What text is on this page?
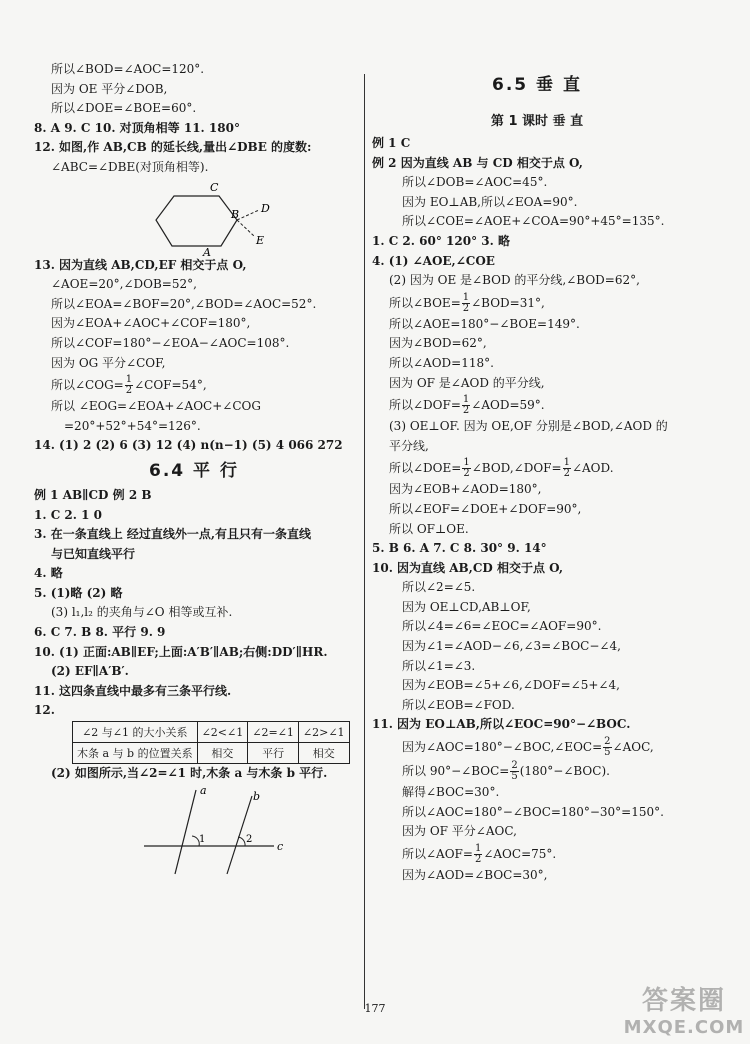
所以∠BOD=∠AOC=120°.
因为 OE 平分∠DOB,
所以∠DOE=∠BOE=60°.
8. A 9. C 10. 对顶角相等 11. 180°
12. 如图,作 AB,CB 的延长线,量出∠DBE 的度数:
∠ABC=∠DBE(对顶角相等).
C
B D
A
E
13. 因为直线 AB,CD,EF 相交于点 O,
∠AOE=20°,∠DOB=52°,
所以∠EOA=∠BOF=20°,∠BOD=∠AOC=52°.
因为∠EOA+∠AOC+∠COF=180°,
所以∠COF=180°−∠EOA−∠AOC=108°.
因为 OG 平分∠COF,
所以∠COG= $\frac{1}{2}$ ∠COF=54°,
所以 ∠EOG=∠EOA+∠AOC+∠COG
=20°+52°+54°=126°.
14. (1) 2 (2) 6 (3) 12 (4) n(n−1) (5) 4 066 272
6.4 平 行
例 1 AB∥CD 例 2 B
1. C 2. 1 0
3. 在一条直线上 经过直线外一点,有且只有一条直线
与已知直线平行
4. 略
5. (1)略 (2) 略
(3) l₁,l₂ 的夹角与∠O 相等或互补.
6. C 7. B 8. 平行 9. 9
10. (1) 正面:AB∥EF;上面:A′B′∥AB;右侧:DD′∥HR.
(2) EF∥A′B′.
11. 这四条直线中最多有三条平行线.
12.
∠2 与∠1 的大小关系	∠2<∠1	∠2=∠1	∠2>∠1
木条 a 与 b 的位置关系	相交	平行	相交
(2) 如图所示,当∠2=∠1 时,木条 a 与木条 b 平行.
a	b
1	2
c
6.5 垂 直
第 1 课时 垂 直
例 1 C
例 2 因为直线 AB 与 CD 相交于点 O,
所以∠DOB=∠AOC=45°.
因为 EO⊥AB,所以∠EOA=90°.
所以∠COE=∠AOE+∠COA=90°+45°=135°.
1. C 2. 60° 120° 3. 略
4. (1) ∠AOE,∠COE
(2) 因为 OE 是∠BOD 的平分线,∠BOD=62°,
所以∠BOE= $\frac{1}{2}$ ∠BOD=31°,
所以∠AOE=180°−∠BOE=149°.
因为∠BOD=62°,
所以∠AOD=118°.
因为 OF 是∠AOD 的平分线,
所以∠DOF= $\frac{1}{2}$ ∠AOD=59°.
(3) OE⊥OF. 因为 OE,OF 分别是∠BOD,∠AOD 的
平分线,
所以∠DOE= $\frac{1}{2}$ ∠BOD,∠DOF= $\frac{1}{2}$ ∠AOD.
因为∠EOB+∠AOD=180°,
所以∠EOF=∠DOE+∠DOF=90°,
所以 OF⊥OE.
5. B 6. A 7. C 8. 30° 9. 14°
10. 因为直线 AB,CD 相交于点 O,
所以∠2=∠5.
因为 OE⊥CD,AB⊥OF,
所以∠4=∠6=∠EOC=∠AOF=90°.
因为∠1=∠AOD−∠6,∠3=∠BOC−∠4,
所以∠1=∠3.
因为∠EOB=∠5+∠6,∠DOF=∠5+∠4,
所以∠EOB=∠FOD.
11. 因为 EO⊥AB,所以∠EOC=90°−∠BOC.
因为∠AOC=180°−∠BOC,∠EOC= $\frac{2}{5}$ ∠AOC,
所以 90°−∠BOC= $\frac{2}{5}$ (180°−∠BOC).
解得∠BOC=30°.
所以∠AOC=180°−∠BOC=180°−30°=150°.
因为 OF 平分∠AOC,
所以∠AOF= $\frac{1}{2}$ ∠AOC=75°.
因为∠AOD=∠BOC=30°,
177	答案圈
MXQE.COM
